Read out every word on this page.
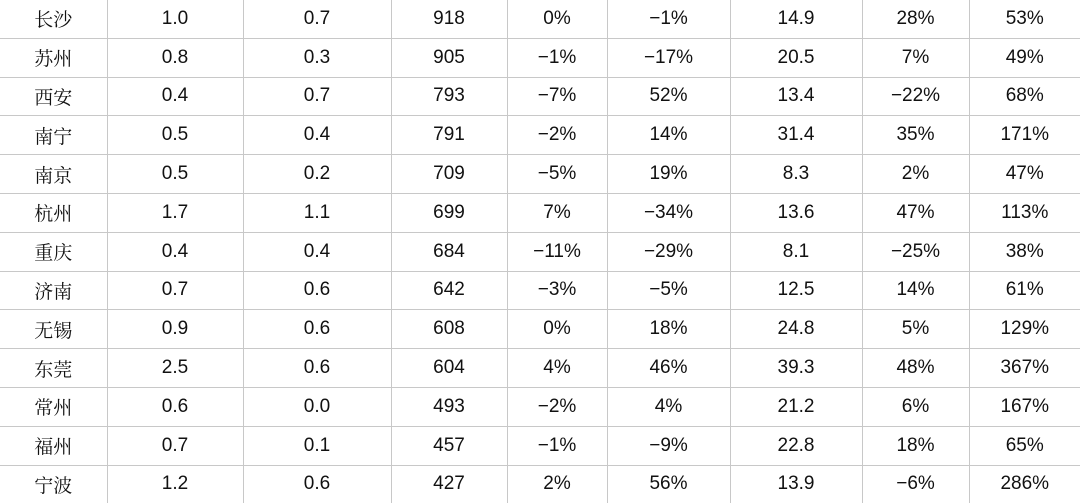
长沙	1.0	0.7	918	0%	−1%	14.9	28%	53%
苏州	0.8	0.3	905	−1%	−17%	20.5	7%	49%
西安	0.4	0.7	793	−7%	52%	13.4	−22%	68%
南宁	0.5	0.4	791	−2%	14%	31.4	35%	171%
南京	0.5	0.2	709	−5%	19%	8.3	2%	47%
杭州	1.7	1.1	699	7%	−34%	13.6	47%	113%
重庆	0.4	0.4	684	−11%	−29%	8.1	−25%	38%
济南	0.7	0.6	642	−3%	−5%	12.5	14%	61%
无锡	0.9	0.6	608	0%	18%	24.8	5%	129%
东莞	2.5	0.6	604	4%	46%	39.3	48%	367%
常州	0.6	0.0	493	−2%	4%	21.2	6%	167%
福州	0.7	0.1	457	−1%	−9%	22.8	18%	65%
宁波	1.2	0.6	427	2%	56%	13.9	−6%	286%
